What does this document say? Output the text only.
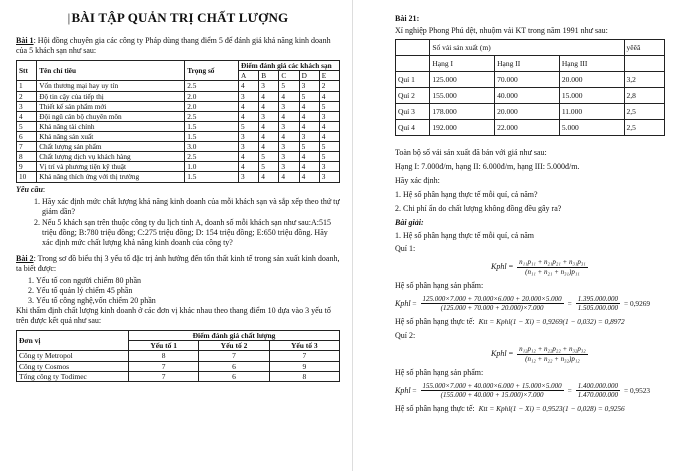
| BÀI TẬP QUẢN TRỊ CHẤT LƯỢNG

Bài 1: Hội đồng chuyên gia các công ty Pháp dùng thang điểm 5 để đánh giá khả năng kinh doanh của 5 khách sạn như sau:

Stt	Tên chỉ tiêu	Trọng số	Điểm đánh giá các khách sạn				
			A	B	C	D	E
1	Vốn thương mại hay uy tín	2.5	4	3	5	3	2
2	Độ tin cậy của tiếp thị	2.0	3	4	4	5	4
3	Thiết kế sản phẩm mới	2.0	4	4	3	4	5
4	Đội ngũ cán bộ chuyên môn	2.5	4	3	4	4	3
5	Khả năng tài chính	1.5	5	4	3	4	4
6	Khả năng sản xuất	1.5	3	4	4	3	4
7	Chất lượng sản phẩm	3.0	3	4	3	5	5
8	Chất lượng dịch vụ khách hàng	2.5	4	5	3	4	5
9	Vị trí và phương tiện kỹ thuật	1.0	4	5	3	4	3
10	Khả năng thích ứng với thị trường	1.5	3	4	4	4	3

Yêu cầu:

1. Hãy xác định mức chất lượng khả năng kinh doanh của mỗi khách sạn và sắp xếp theo thứ tự giảm dần?
2. Nếu 5 khách sạn trên thuộc công ty du lịch tỉnh A, doanh số mỗi khách sạn như sau:A:515 triệu đồng; B:780 triệu đồng; C:275 triệu đồng; D: 154 triệu đồng; E:650 triệu đồng. Hãy xác định mức chất lượng khả năng kinh doanh của công ty?

Bài 2: Trong sơ đồ biểu thị 3 yếu tố đặc trị ảnh hưởng đến tổn thất kinh tế trong sản xuất kinh doanh, ta biết được:

1. Yếu tố con người chiếm 80 phần
2. Yếu tố quản lý chiếm 45 phần
3. Yếu tố công nghệ,vốn chiếm 20 phần

Khi thẩm định chất lượng kinh doanh ở các đơn vị khác nhau theo thang điểm 10 dựa vào 3 yếu tố trên được kết quả như sau:

Đơn vị	Điểm đánh giá chất lượng		
	Yếu tố 1	Yếu tố 2	Yếu tố 3
Công ty Metropol	8	7	7
Công ty Cosmos	7	6	9
Tổng công ty Todimec	7	6	8

Bài 21:

Xí nghiệp Phong Phú dệt, nhuộm vải KT trong năm 1991 như sau:

	Số vải sản xuất (m)			yêêă
	Hạng I	Hạng II	Hạng III	
Quí 1	125.000	70.000	20.000	3,2
Quí 2	155.000	40.000	15.000	2,8
Quí 3	178.000	20.000	11.000	2,5
Quí 4	192.000	22.000	5.000	2,5

Toàn bộ số vải sản xuất đã bán với giá như sau:

Hạng I: 7.000đ/m, hạng II: 6.000đ/m, hạng III: 5.000đ/m.

Hãy xác định:

1. Hệ số phân hạng thực tế mỗi quí, cả năm?

2. Chi phí ẩn do chất lượng không đồng đều gây ra?

Bài giải:

1. Hệ số phân hạng thực tế mỗi quí, cả năm

Quí 1:

Kphl = $\frac{\text{n₁₁p₁₁ + n₂₁p₂₁ + n₃₁p₃₁}}{\text{(n₁₁ + n₂₁ + n₃₁)p₁₁}}$

Hệ số phân hạng sản phẩm:

Kphl = $\frac{125.000\times 7.000 + 70.000\times 6.000 + 20.000\times 5.000}{(125.000 + 70.000 + 20.000)\times 7.000} = \frac{1.395.000.000}{1.505.000.000} = 0,9269$

Hệ số phân hạng thực tế: Ktt = Kphl(1 − Xi) = 0,9269(1 − 0,032) = 0,8972

Quí 2:

Kphl = $\frac{\text{n₁₂p₁₂ + n₂₂p₂₂ + n₃₂p₃₂}}{\text{(n₁₂ + n₂₂ + n₃₂)p₁₂}}$

Hệ số phân hạng sản phẩm:

Kphl = $\frac{155.000\times 7.000 + 40.000\times 6.000 + 15.000\times 5.000}{(155.000 + 40.000 + 15.000)\times 7.000} = \frac{1.400.000.000}{1.470.000.000} = 0,9523$

Hệ số phân hạng thực tế: Ktt = Kphl(1 − Xi) = 0,9523(1 − 0,028) = 0,9256
